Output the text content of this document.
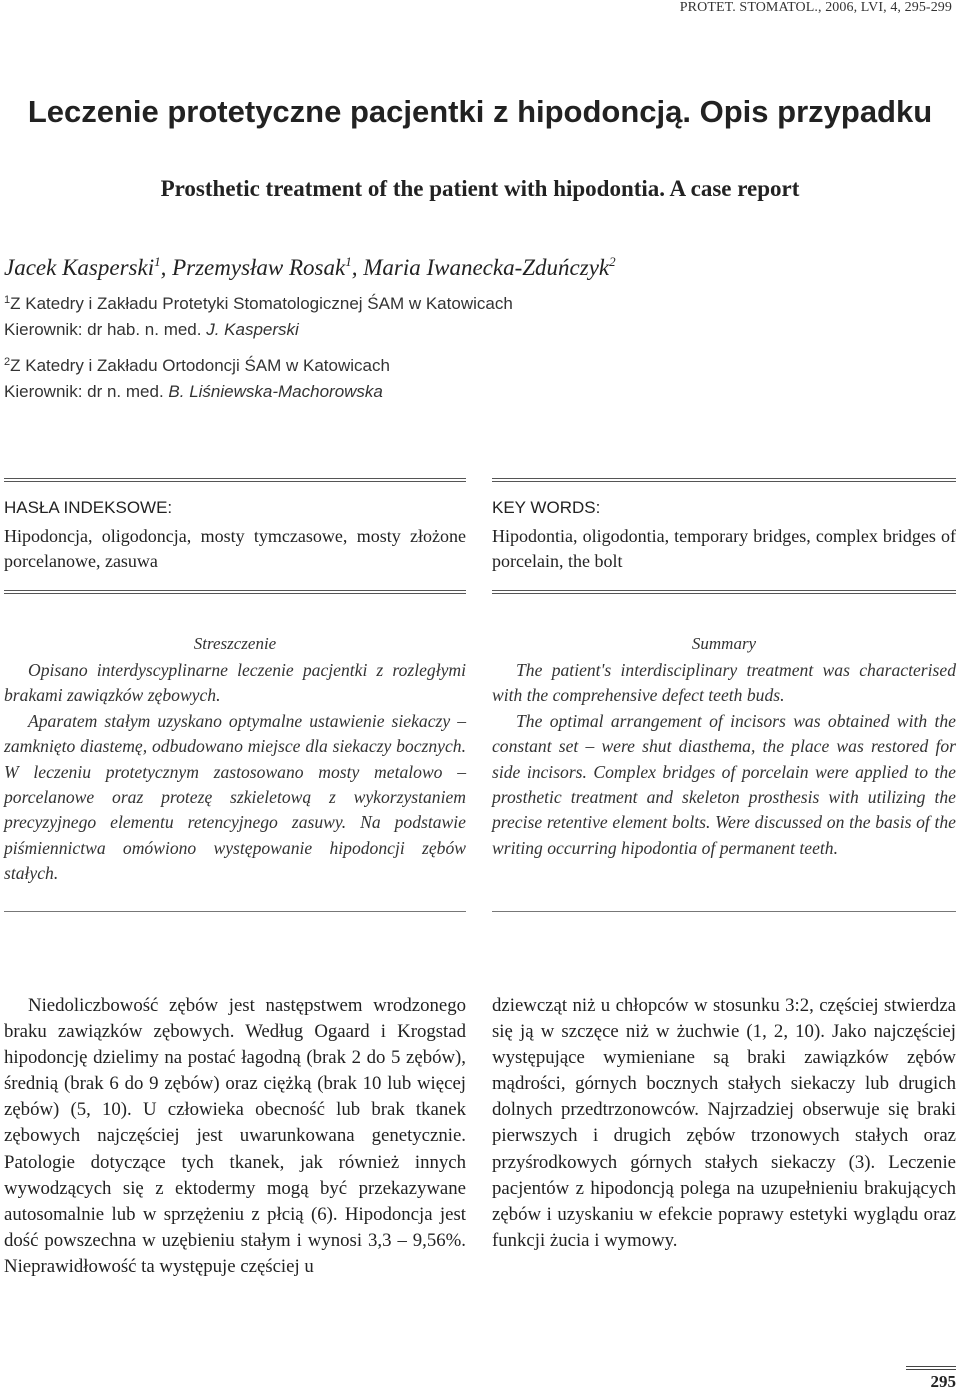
PROTET. STOMATOL., 2006, LVI, 4, 295-299
Leczenie protetyczne pacjentki z hipodoncją. Opis przypadku
Prosthetic treatment of the patient with hipodontia. A case report
Jacek Kasperski$^1$, Przemysław Rosak$^1$, Maria Iwanecka-Zduńczyk$^2$
$^1$Z Katedry i Zakładu Protetyki Stomatologicznej ŚAM w Katowicach
Kierownik: dr hab. n. med. J. Kasperski
$^2$Z Katedry i Zakładu Ortodoncji ŚAM w Katowicach
Kierownik: dr n. med. B. Liśniewska-Machorowska
HASŁA INDEKSOWE:
Hipodoncja, oligodoncja, mosty tymczasowe, mosty złożone porcelanowe, zasuwa
KEY WORDS:
Hipodontia, oligodontia, temporary bridges, complex bridges of porcelain, the bolt
Streszczenie

Opisano interdyscyplinarne leczenie pacjentki z rozległymi brakami zawiązków zębowych.

Aparatem stałym uzyskano optymalne ustawienie siekaczy – zamknięto diastemę, odbudowano miejsce dla siekaczy bocznych. W leczeniu protetycznym zastosowano mosty metalowo – porcelanowe oraz protezę szkieletową z wykorzystaniem precyzyjnego elementu retencyjnego zasuwy. Na podstawie piśmiennictwa omówiono występowanie hipodoncji zębów stałych.

Summary

The patient's interdisciplinary treatment was characterised with the comprehensive defect teeth buds.

The optimal arrangement of incisors was obtained with the constant set – were shut diasthema, the place was restored for side incisors. Complex bridges of porcelain were applied to the prosthetic treatment and skeleton prosthesis with utilizing the precise retentive element bolts. Were discussed on the basis of the writing occurring hipodontia of permanent teeth.

Niedoliczbowość zębów jest następstwem wrodzonego braku zawiązków zębowych. Według Ogaard i Krogstad hipodoncję dzielimy na postać łagodną (brak 2 do 5 zębów), średnią (brak 6 do 9 zębów) oraz ciężką (brak 10 lub więcej zębów) (5, 10). U człowieka obecność lub brak tkanek zębowych najczęściej jest uwarunkowana genetycznie. Patologie dotyczące tych tkanek, jak również innych wywodzących się z ektodermy mogą być przekazywane autosomalnie lub w sprzężeniu z płcią (6). Hipodoncja jest dość powszechna w uzębieniu stałym i wynosi 3,3 – 9,56%. Nieprawidłowość ta występuje częściej u

dziewcząt niż u chłopców w stosunku 3:2, częściej stwierdza się ją w szczęce niż w żuchwie (1, 2, 10). Jako najczęściej występujące wymieniane są braki zawiązków zębów mądrości, górnych bocznych stałych siekaczy lub drugich dolnych przedtrzonowców. Najrzadziej obserwuje się braki pierwszych i drugich zębów trzonowych stałych oraz przyśrodkowych górnych stałych siekaczy (3). Leczenie pacjentów z hipodoncją polega na uzupełnieniu brakujących zębów i uzyskaniu w efekcie poprawy estetyki wyglądu oraz funkcji żucia i wymowy.

295
